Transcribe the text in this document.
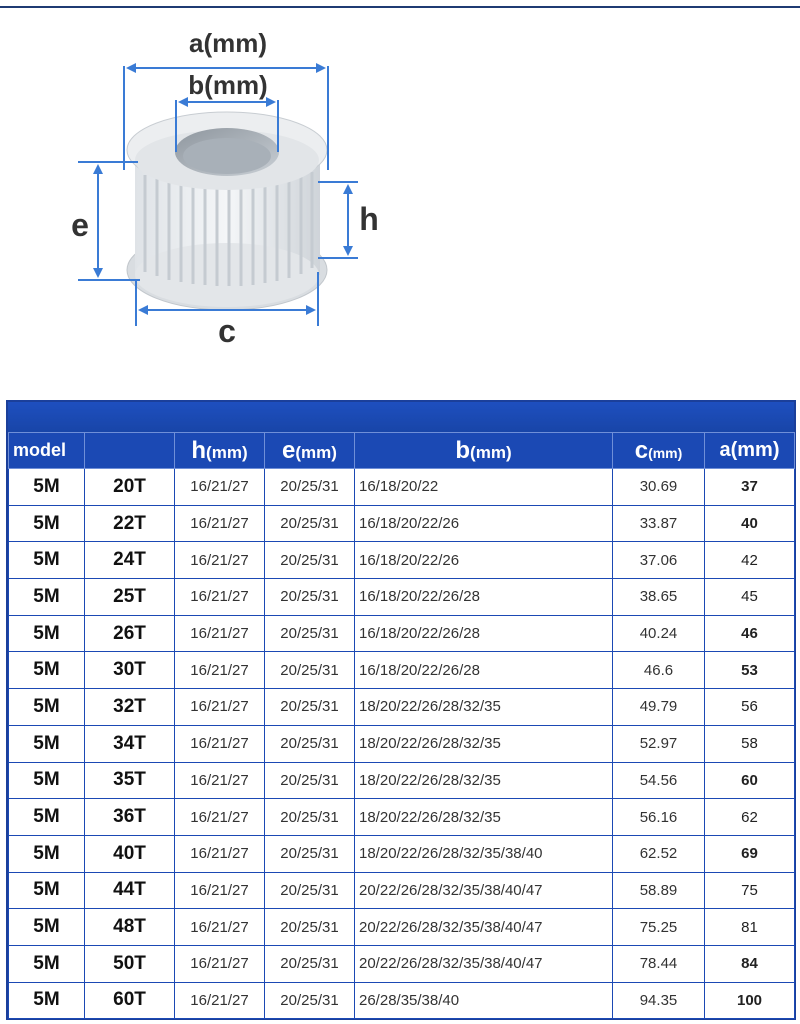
a(mm)
b(mm)
e	h
c
model		h(mm)	e(mm)	b(mm)	c(mm)	a(mm)
5M	20T	16/21/27	20/25/31	16/18/20/22	30.69	37
5M	22T	16/21/27	20/25/31	16/18/20/22/26	33.87	40
5M	24T	16/21/27	20/25/31	16/18/20/22/26	37.06	42
5M	25T	16/21/27	20/25/31	16/18/20/22/26/28	38.65	45
5M	26T	16/21/27	20/25/31	16/18/20/22/26/28	40.24	46
5M	30T	16/21/27	20/25/31	16/18/20/22/26/28	46.6	53
5M	32T	16/21/27	20/25/31	18/20/22/26/28/32/35	49.79	56
5M	34T	16/21/27	20/25/31	18/20/22/26/28/32/35	52.97	58
5M	35T	16/21/27	20/25/31	18/20/22/26/28/32/35	54.56	60
5M	36T	16/21/27	20/25/31	18/20/22/26/28/32/35	56.16	62
5M	40T	16/21/27	20/25/31	18/20/22/26/28/32/35/38/40	62.52	69
5M	44T	16/21/27	20/25/31	20/22/26/28/32/35/38/40/47	58.89	75
5M	48T	16/21/27	20/25/31	20/22/26/28/32/35/38/40/47	75.25	81
5M	50T	16/21/27	20/25/31	20/22/26/28/32/35/38/40/47	78.44	84
5M	60T	16/21/27	20/25/31	26/28/35/38/40	94.35	100
